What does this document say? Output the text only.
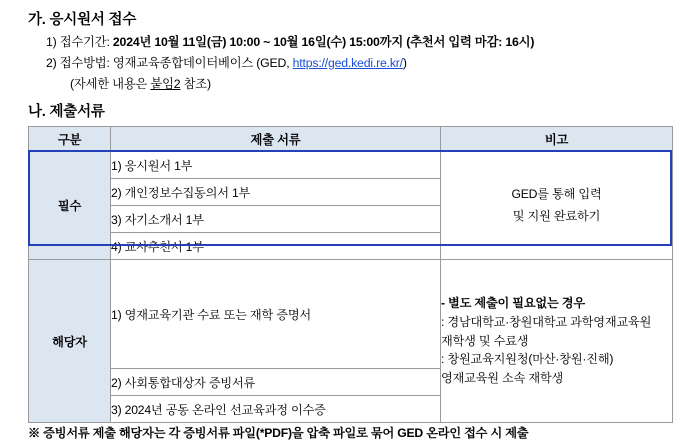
가. 응시원서 접수
1) 접수기간: 2024년 10월 11일(금) 10:00 ~ 10월 16일(수) 15:00까지 (추천서 입력 마감: 16시)
2) 접수방법: 영재교육종합데이터베이스 (GED, https://ged.kedi.re.kr/)
(자세한 내용은 붙임2 참조)
나. 제출서류
구분	제출 서류	비고
필수	1) 응시원서 1부	GED를 통해 입력
및 지원 완료하기

	2) 개인정보수집동의서 1부	
	3) 자기소개서 1부	
	4) 교사추천서 1부	
해당자	1) 영재교육기관 수료 또는 재학 증명서	- 별도 제출이 필요없는 경우
: 경남대학교·창원대학교 과학영재교육원
재학생 및 수료생
: 창원교육지원청(마산·창원·진해)
영재교육원 소속 재학생

	2) 사회통합대상자 증빙서류	
	3) 2024년 공동 온라인 선교육과정 이수증	
※ 증빙서류 제출 해당자는 각 증빙서류 파일(*PDF)을 압축 파일로 묶어 GED 온라인 접수 시 제출
